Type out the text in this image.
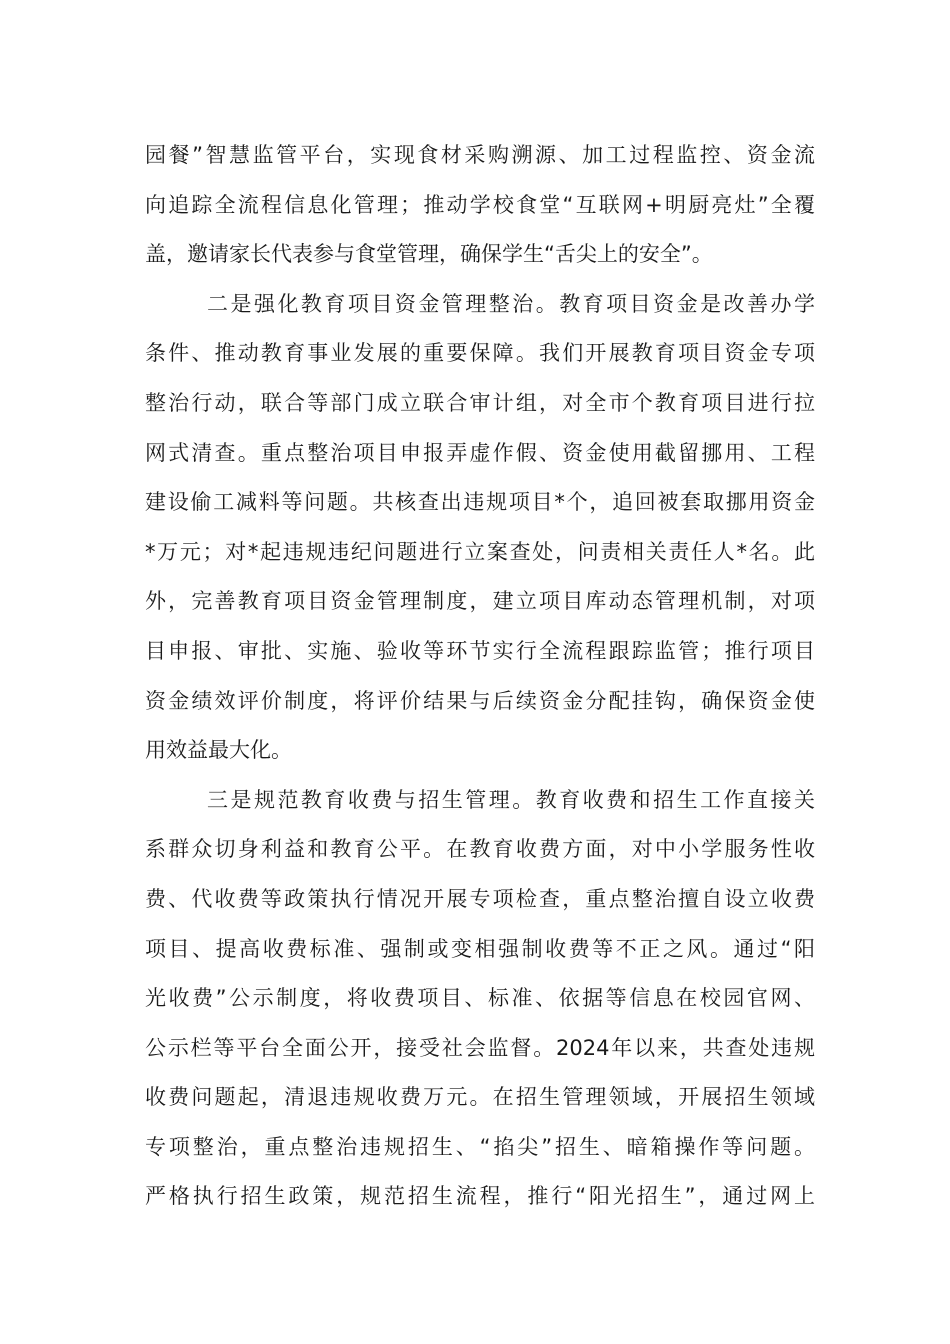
园餐”智慧监管平台，实现食材采购溯源、加工过程监控、资金流
向追踪全流程信息化管理；推动学校食堂“互联网+明厨亮灶”全覆
盖，邀请家长代表参与食堂管理，确保学生“舌尖上的安全”。
二是强化教育项目资金管理整治。教育项目资金是改善办学
条件、推动教育事业发展的重要保障。我们开展教育项目资金专项
整治行动，联合等部门成立联合审计组，对全市个教育项目进行拉
网式清查。重点整治项目申报弄虚作假、资金使用截留挪用、工程
建设偷工减料等问题。共核查出违规项目*个，追回被套取挪用资金
*万元；对*起违规违纪问题进行立案查处，问责相关责任人*名。此
外，完善教育项目资金管理制度，建立项目库动态管理机制，对项
目申报、审批、实施、验收等环节实行全流程跟踪监管；推行项目
资金绩效评价制度，将评价结果与后续资金分配挂钩，确保资金使
用效益最大化。
三是规范教育收费与招生管理。教育收费和招生工作直接关
系群众切身利益和教育公平。在教育收费方面，对中小学服务性收
费、代收费等政策执行情况开展专项检查，重点整治擅自设立收费
项目、提高收费标准、强制或变相强制收费等不正之风。通过“阳
光收费”公示制度，将收费项目、标准、依据等信息在校园官网、
公示栏等平台全面公开，接受社会监督。2024年以来，共查处违规
收费问题起，清退违规收费万元。在招生管理领域，开展招生领域
专项整治，重点整治违规招生、“掐尖”招生、暗箱操作等问题。
严格执行招生政策，规范招生流程，推行“阳光招生”，通过网上
